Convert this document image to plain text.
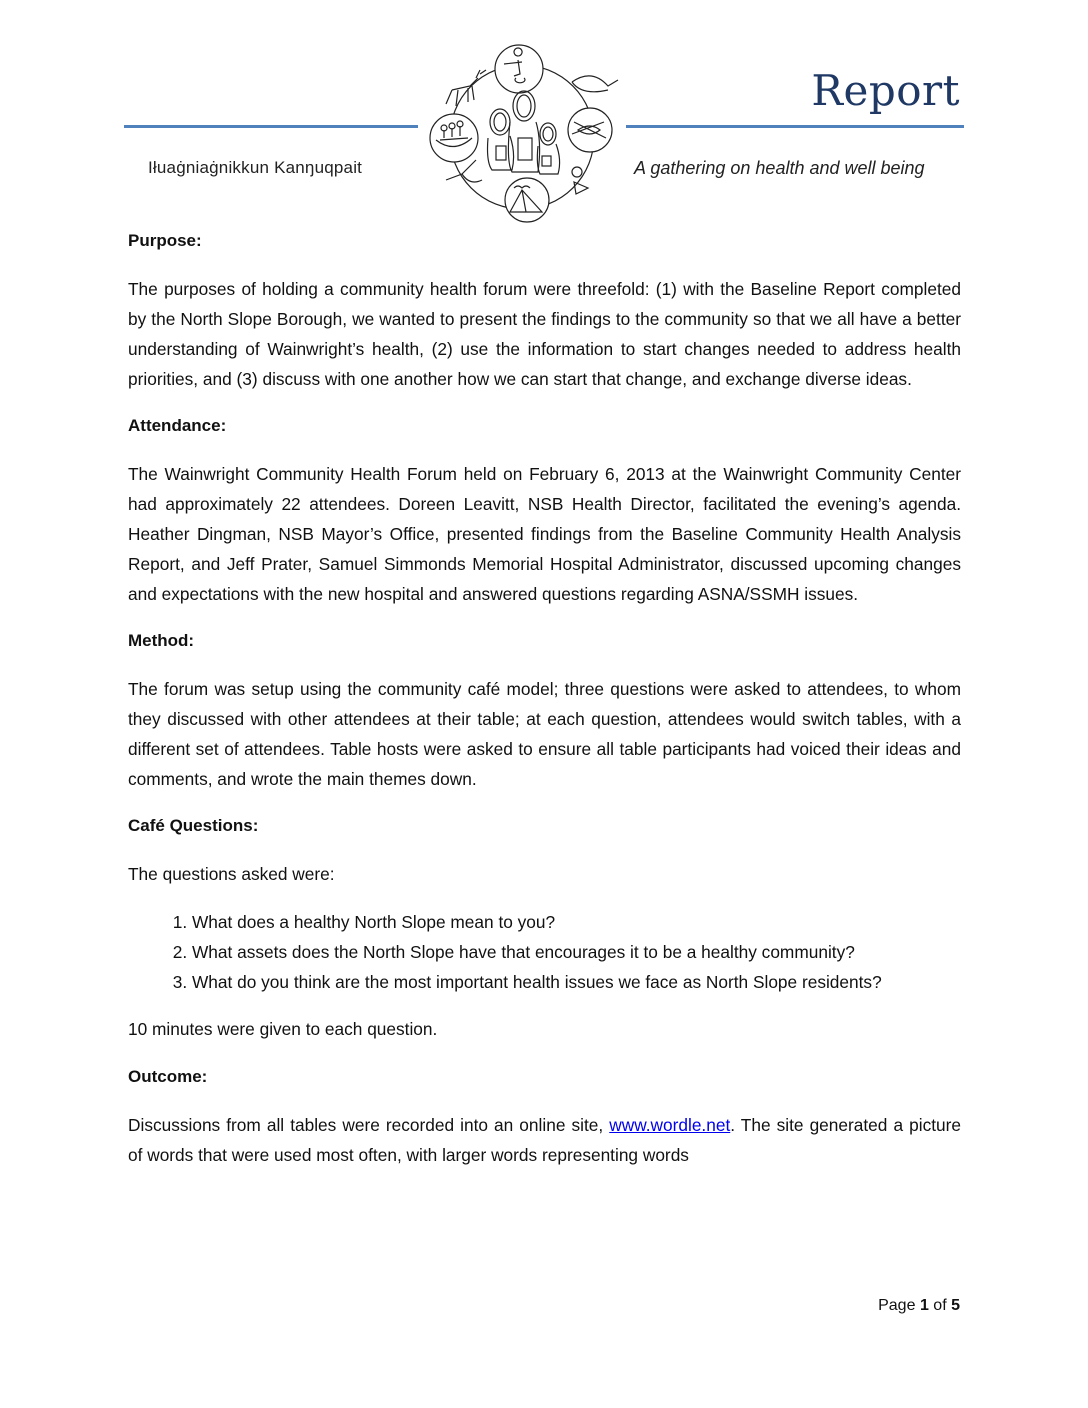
Report
Iłuaġniaġnikkun Kanŋuqpait	A gathering on health and well being
Purpose:

The purposes of holding a community health forum were threefold: (1) with the Baseline Report completed by the North Slope Borough, we wanted to present the findings to the community so that we all have a better understanding of Wainwright’s health, (2) use the information to start changes needed to address health priorities, and (3) discuss with one another how we can start that change, and exchange diverse ideas.

Attendance:

The Wainwright Community Health Forum held on February 6, 2013 at the Wainwright Community Center had approximately 22 attendees. Doreen Leavitt, NSB Health Director, facilitated the evening’s agenda. Heather Dingman, NSB Mayor’s Office, presented findings from the Baseline Community Health Analysis Report, and Jeff Prater, Samuel Simmonds Memorial Hospital Administrator, discussed upcoming changes and expectations with the new hospital and answered questions regarding ASNA/SSMH issues.

Method:

The forum was setup using the community café model; three questions were asked to attendees, to whom they discussed with other attendees at their table; at each question, attendees would switch tables, with a different set of attendees. Table hosts were asked to ensure all table participants had voiced their ideas and comments, and wrote the main themes down.

Café Questions:

The questions asked were:

1. What does a healthy North Slope mean to you?
2. What assets does the North Slope have that encourages it to be a healthy community?
3. What do you think are the most important health issues we face as North Slope residents?

10 minutes were given to each question.

Outcome:

Discussions from all tables were recorded into an online site, www.wordle.net. The site generated a picture of words that were used most often, with larger words representing words

Page 1 of 5
